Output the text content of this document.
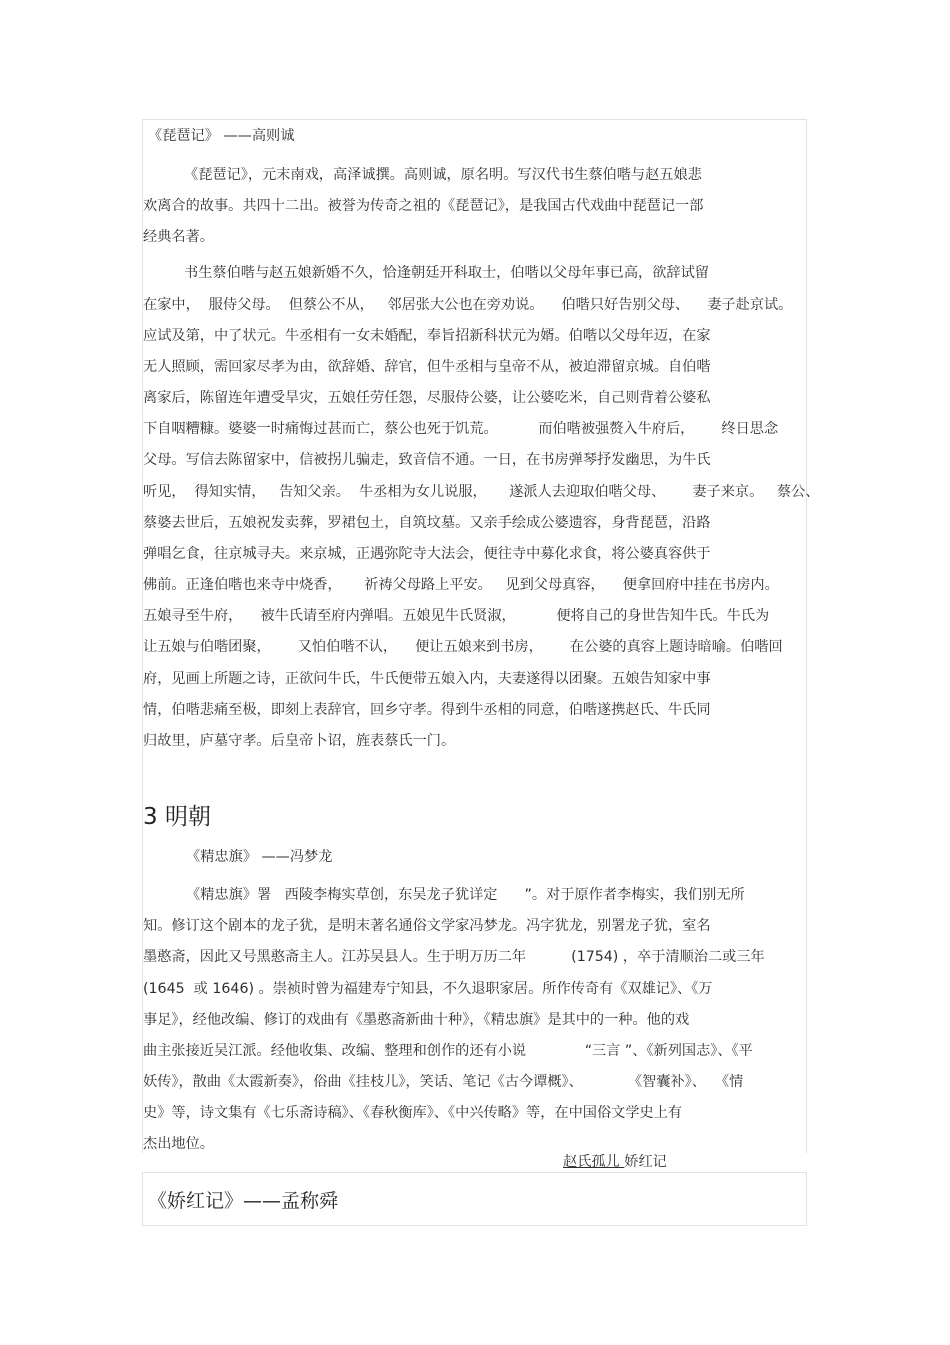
《琵琶记》 ——高则诚
《琵琶记》，元末南戏，高泽诚撰。高则诚，原名明。写汉代书生蔡伯喈与赵五娘悲
欢离合的故事。共四十二出。被誉为传奇之祖的《琵琶记》，是我国古代戏曲中琵琶记一部
经典名著。
书生蔡伯喈与赵五娘新婚不久，恰逢朝廷开科取士，伯喈以父母年事已高，欲辞试留
在家中，  服侍父母。  但蔡公不从，   邻居张大公也在旁劝说。    伯喈只好告别父母、    妻子赴京试。
应试及第，中了状元。牛丞相有一女未婚配，奉旨招新科状元为婿。伯喈以父母年迈，在家
无人照顾，需回家尽孝为由，欲辞婚、辞官，但牛丞相与皇帝不从，被迫滞留京城。自伯喈
离家后，陈留连年遭受旱灾，五娘任劳任怨，尽服侍公婆，让公婆吃米，自己则背着公婆私
下自咽糟糠。婆婆一时痛悔过甚而亡，蔡公也死于饥荒。         而伯喈被强赘入牛府后，      终日思念
父母。写信去陈留家中，信被拐儿骗走，致音信不通。一日，在书房弹琴抒发幽思，为牛氏
听见，  得知实情，   告知父亲。  牛丞相为女儿说服，     遂派人去迎取伯喈父母、      妻子来京。   蔡公、
蔡婆去世后，五娘祝发卖葬，罗裙包土，自筑坟墓。又亲手绘成公婆遗容，身背琵琶，沿路
弹唱乞食，往京城寻夫。来京城，正遇弥陀寺大法会，便往寺中募化求食，将公婆真容供于
佛前。正逢伯喈也来寺中烧香，     祈祷父母路上平安。   见到父母真容，    便拿回府中挂在书房内。
五娘寻至牛府，    被牛氏请至府内弹唱。五娘见牛氏贤淑，         便将自己的身世告知牛氏。牛氏为
让五娘与伯喈团聚，      又怕伯喈不认，    便让五娘来到书房，      在公婆的真容上题诗暗喻。伯喈回
府，见画上所题之诗，正欲问牛氏，牛氏便带五娘入内，夫妻遂得以团聚。五娘告知家中事
情，伯喈悲痛至极，即刻上表辞官，回乡守孝。得到牛丞相的同意，伯喈遂携赵氏、牛氏同
归故里，庐墓守孝。后皇帝卜诏，旌表蔡氏一门。
3 明朝
《精忠旗》 ——冯梦龙
《精忠旗》署   西陵李梅实草创，东吴龙子犹详定      ”。对于原作者李梅实，我们别无所
知。修订这个剧本的龙子犹，是明末著名通俗文学家冯梦龙。冯字犹龙，别署龙子犹，室名
墨憨斋，因此又号黑憨斋主人。江苏吴县人。生于明万历二年          (1754) ，卒于清顺治二或三年
(1645  或 1646) 。崇祯时曾为福建寿宁知县，不久退职家居。所作传奇有《双雄记》、《万
事足》，经他改编、修订的戏曲有《墨憨斋新曲十种》，《精忠旗》是其中的一种。他的戏
曲主张接近吴江派。经他收集、改编、整理和创作的还有小说             “三言 ”、《新列国志》、《平
妖传》，散曲《太霞新奏》，俗曲《挂枝儿》，笑话、笔记《古今谭概》、          《智囊补》、  《情
史》等，诗文集有《七乐斋诗稿》、《春秋衡库》、《中兴传略》等，在中国俗文学史上有
杰出地位。

赵氏孤儿 娇红记

《娇红记》——孟称舜
